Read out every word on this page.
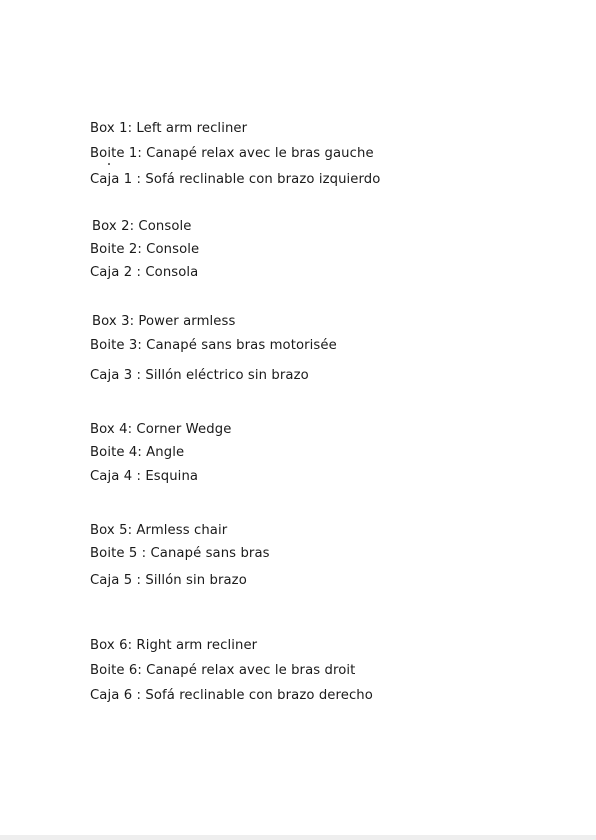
Box 1: Left arm recliner
Boite 1: Canapé relax avec le bras gauche
Caja 1 : Sofá reclinable con brazo izquierdo
Box 2: Console
Boite 2: Console
Caja 2 : Consola
Box 3: Power armless
Boite 3: Canapé sans bras motorisée
Caja 3 : Sillón eléctrico sin brazo
Box 4: Corner Wedge
Boite 4: Angle
Caja 4 : Esquina
Box 5: Armless chair
Boite 5 : Canapé sans bras
Caja 5 : Sillón sin brazo
Box 6: Right arm recliner
Boite 6: Canapé relax avec le bras droit
Caja 6 : Sofá reclinable con brazo derecho
